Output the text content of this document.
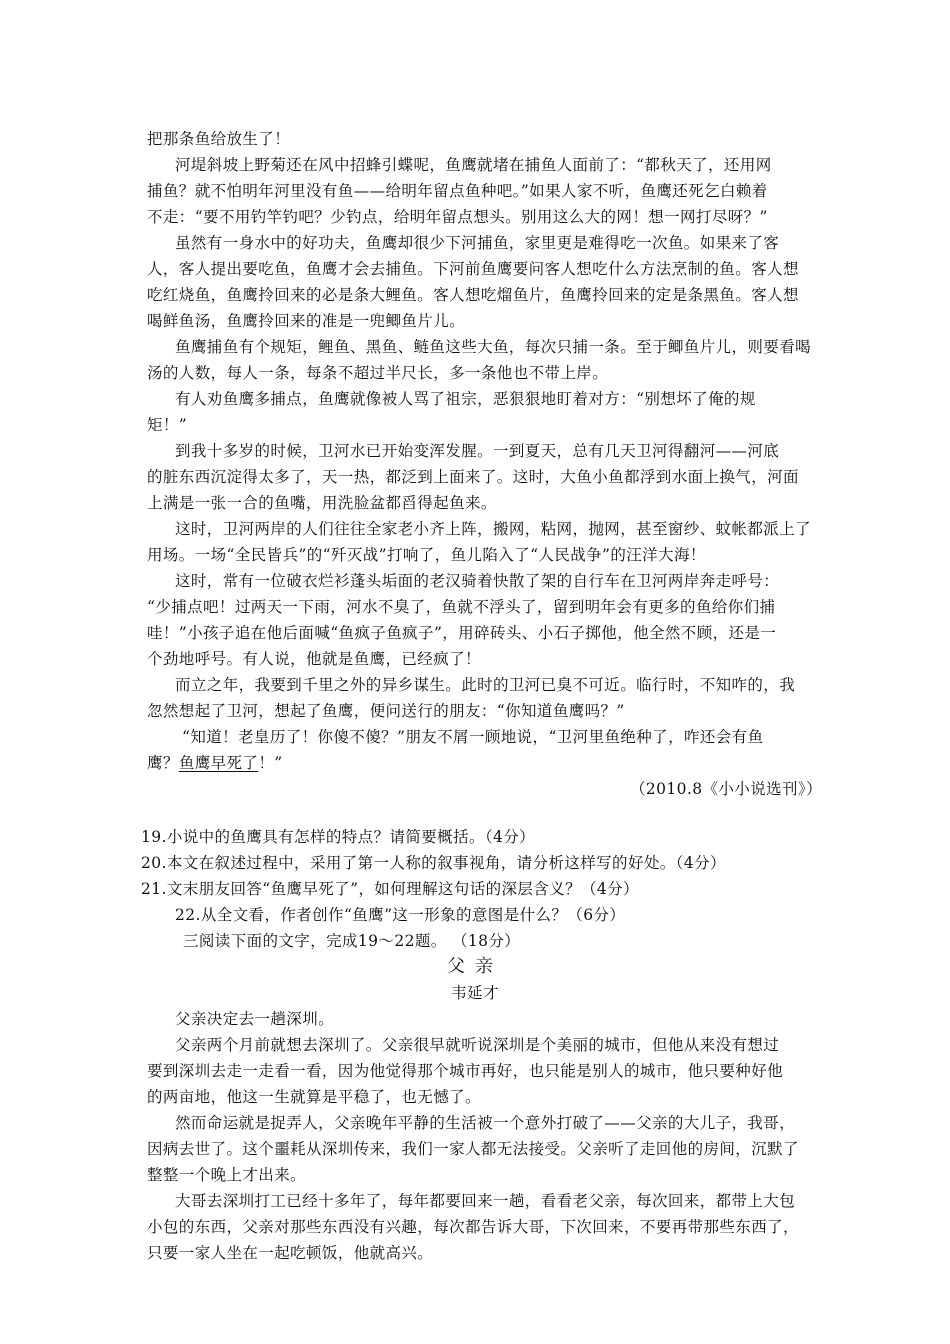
把那条鱼给放生了！
河堤斜坡上野菊还在风中招蜂引蝶呢，鱼鹰就堵在捕鱼人面前了：“都秋天了，还用网
捕鱼？就不怕明年河里没有鱼——给明年留点鱼种吧。”如果人家不听，鱼鹰还死乞白赖着
不走：“要不用钓竿钓吧？少钓点，给明年留点想头。别用这么大的网！想一网打尽呀？”
虽然有一身水中的好功夫，鱼鹰却很少下河捕鱼，家里更是难得吃一次鱼。如果来了客
人，客人提出要吃鱼，鱼鹰才会去捕鱼。下河前鱼鹰要问客人想吃什么方法烹制的鱼。客人想
吃红烧鱼，鱼鹰拎回来的必是条大鲤鱼。客人想吃熘鱼片，鱼鹰拎回来的定是条黑鱼。客人想
喝鲜鱼汤，鱼鹰拎回来的准是一兜鲫鱼片儿。
鱼鹰捕鱼有个规矩，鲤鱼、黑鱼、鲢鱼这些大鱼，每次只捕一条。至于鲫鱼片儿，则要看喝
汤的人数，每人一条，每条不超过半尺长，多一条他也不带上岸。
有人劝鱼鹰多捕点，鱼鹰就像被人骂了祖宗，恶狠狠地盯着对方：“别想坏了俺的规
矩！”
到我十多岁的时候，卫河水已开始变浑发腥。一到夏天，总有几天卫河得翻河——河底
的脏东西沉淀得太多了，天一热，都泛到上面来了。这时，大鱼小鱼都浮到水面上换气，河面
上满是一张一合的鱼嘴，用洗脸盆都舀得起鱼来。
这时，卫河两岸的人们往往全家老小齐上阵，搬网，粘网，抛网，甚至窗纱、蚊帐都派上了
用场。一场“全民皆兵”的“歼灭战”打响了，鱼儿陷入了“人民战争”的汪洋大海！
这时，常有一位破衣烂衫蓬头垢面的老汉骑着快散了架的自行车在卫河两岸奔走呼号：
“少捕点吧！过两天一下雨，河水不臭了，鱼就不浮头了，留到明年会有更多的鱼给你们捕
哇！”小孩子追在他后面喊“鱼疯子鱼疯子”，用碎砖头、小石子掷他，他全然不顾，还是一
个劲地呼号。有人说，他就是鱼鹰，已经疯了！
而立之年，我要到千里之外的异乡谋生。此时的卫河已臭不可近。临行时，不知咋的，我
忽然想起了卫河，想起了鱼鹰，便问送行的朋友：“你知道鱼鹰吗？”
“知道！老皇历了！你傻不傻？”朋友不屑一顾地说，“卫河里鱼绝种了，咋还会有鱼
鹰？鱼鹰早死了！”
（2010.8《小小说选刊》）
19.小说中的鱼鹰具有怎样的特点？请简要概括。（4分）
20.本文在叙述过程中，采用了第一人称的叙事视角，请分析这样写的好处。（4分）
21.文末朋友回答“鱼鹰早死了”，如何理解这句话的深层含义？（4分）
22.从全文看，作者创作“鱼鹰”这一形象的意图是什么？（6分）
三阅读下面的文字，完成19～22题。 （18分）
父亲
韦延才
父亲决定去一趟深圳。
父亲两个月前就想去深圳了。父亲很早就听说深圳是个美丽的城市，但他从来没有想过
要到深圳去走一走看一看，因为他觉得那个城市再好，也只能是别人的城市，他只要种好他
的两亩地，他这一生就算是平稳了，也无憾了。
然而命运就是捉弄人，父亲晚年平静的生活被一个意外打破了——父亲的大儿子，我哥，
因病去世了。这个噩耗从深圳传来，我们一家人都无法接受。父亲听了走回他的房间，沉默了
整整一个晚上才出来。
大哥去深圳打工已经十多年了，每年都要回来一趟，看看老父亲，每次回来，都带上大包
小包的东西，父亲对那些东西没有兴趣，每次都告诉大哥，下次回来，不要再带那些东西了，
只要一家人坐在一起吃顿饭，他就高兴。
